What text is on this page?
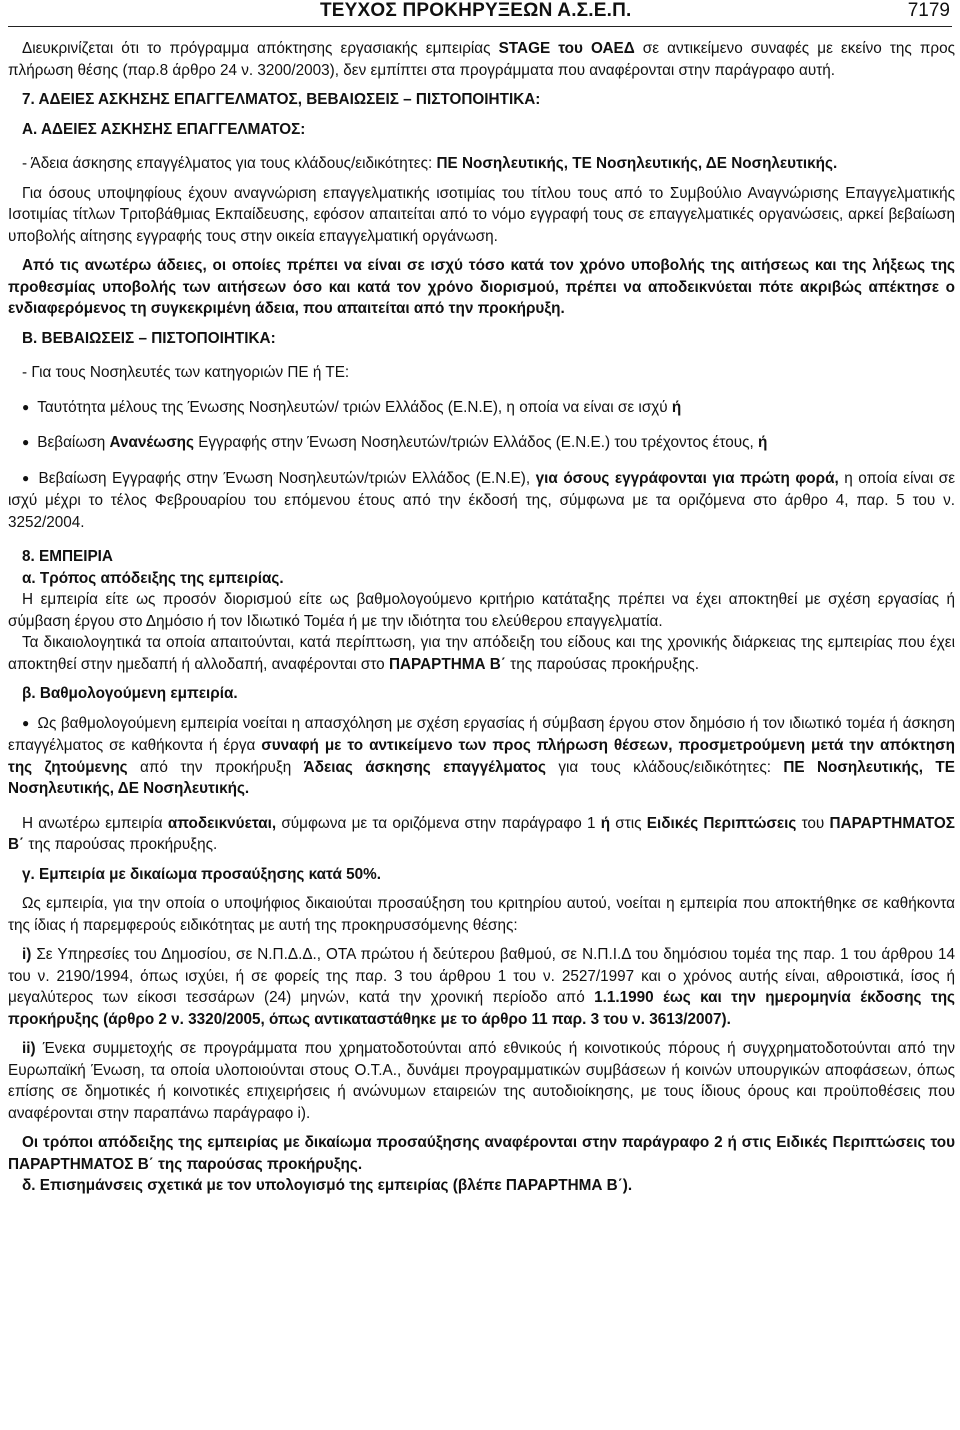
ΤΕΥΧΟΣ ΠΡΟΚΗΡΥΞΕΩΝ Α.Σ.Ε.Π.	7179

Διευκρινίζεται ότι το πρόγραμμα απόκτησης εργασιακής εμπειρίας STAGE του ΟΑΕΔ σε αντικείμενο συναφές με εκείνο της προς πλήρωση θέσης (παρ.8 άρθρο 24 ν. 3200/2003), δεν εμπίπτει στα προγράμματα που αναφέρονται στην παράγραφο αυτή.

7. ΑΔΕΙΕΣ ΑΣΚΗΣΗΣ ΕΠΑΓΓΕΛΜΑΤΟΣ, ΒΕΒΑΙΩΣΕΙΣ – ΠΙΣΤΟΠΟΙΗΤΙΚΑ:

Α. ΑΔΕΙΕΣ ΑΣΚΗΣΗΣ ΕΠΑΓΓΕΛΜΑΤΟΣ:

- Άδεια άσκησης επαγγέλματος για τους κλάδους/ειδικότητες: ΠΕ Νοσηλευτικής, ΤΕ Νοσηλευτικής, ΔΕ Νοσηλευτικής.

Για όσους υποψηφίους έχουν αναγνώριση επαγγελματικής ισοτιμίας του τίτλου τους από το Συμβούλιο Αναγνώρισης Επαγγελματικής Ισοτιμίας τίτλων Τριτοβάθμιας Εκπαίδευσης, εφόσον απαιτείται από το νόμο εγγραφή τους σε επαγγελματικές οργανώσεις, αρκεί βεβαίωση υποβολής αίτησης εγγραφής τους στην οικεία επαγγελματική οργάνωση.

Από τις ανωτέρω άδειες, οι οποίες πρέπει να είναι σε ισχύ τόσο κατά τον χρόνο υποβολής της αιτήσεως και της λήξεως της προθεσμίας υποβολής των αιτήσεων όσο και κατά τον χρόνο διορισμού, πρέπει να αποδεικνύεται πότε ακριβώς απέκτησε ο ενδιαφερόμενος τη συγκεκριμένη άδεια, που απαιτείται από την προκήρυξη.

Β. ΒΕΒΑΙΩΣΕΙΣ – ΠΙΣΤΟΠΟΙΗΤΙΚΑ:

- Για τους Νοσηλευτές των κατηγοριών ΠΕ ή ΤΕ:

● Ταυτότητα μέλους της Ένωσης Νοσηλευτών/ τριών Ελλάδος (Ε.Ν.Ε), η οποία να είναι σε ισχύ ή

● Βεβαίωση Ανανέωσης Εγγραφής στην Ένωση Νοσηλευτών/τριών Ελλάδος (Ε.Ν.Ε.) του τρέχοντος έτους, ή

● Βεβαίωση Εγγραφής στην Ένωση Νοσηλευτών/τριών Ελλάδος (Ε.Ν.Ε), για όσους εγγράφονται για πρώτη φορά, η οποία είναι σε ισχύ μέχρι το τέλος Φεβρουαρίου του επόμενου έτους από την έκδοσή της, σύμφωνα με τα οριζόμενα στο άρθρο 4, παρ. 5 του ν. 3252/2004.

8. ΕΜΠΕΙΡΙΑ

α. Τρόπος απόδειξης της εμπειρίας.

Η εμπειρία είτε ως προσόν διορισμού είτε ως βαθμολογούμενο κριτήριο κατάταξης πρέπει να έχει αποκτηθεί με σχέση εργασίας ή σύμβαση έργου στο Δημόσιο ή τον Ιδιωτικό Τομέα ή με την ιδιότητα του ελεύθερου επαγγελματία.

Τα δικαιολογητικά τα οποία απαιτούνται, κατά περίπτωση, για την απόδειξη του είδους και της χρονικής διάρκειας της εμπειρίας που έχει αποκτηθεί στην ημεδαπή ή αλλοδαπή, αναφέρονται στο ΠΑΡΑΡΤΗΜΑ Β΄ της παρούσας προκήρυξης.

β. Βαθμολογούμενη εμπειρία.

● Ως βαθμολογούμενη εμπειρία νοείται η απασχόληση με σχέση εργασίας ή σύμβαση έργου στον δημόσιο ή τον ιδιωτικό τομέα ή άσκηση επαγγέλματος σε καθήκοντα ή έργα συναφή με το αντικείμενο των προς πλήρωση θέσεων, προσμετρούμενη μετά την απόκτηση της ζητούμενης από την προκήρυξη Άδειας άσκησης επαγγέλματος για τους κλάδους/ειδικότητες: ΠΕ Νοσηλευτικής, ΤΕ Νοσηλευτικής, ΔΕ Νοσηλευτικής.

Η ανωτέρω εμπειρία αποδεικνύεται, σύμφωνα με τα οριζόμενα στην παράγραφο 1 ή στις Ειδικές Περιπτώσεις του ΠΑΡΑΡΤΗΜΑΤΟΣ Β΄ της παρούσας προκήρυξης.

γ. Εμπειρία με δικαίωμα προσαύξησης κατά 50%.

Ως εμπειρία, για την οποία ο υποψήφιος δικαιούται προσαύξηση του κριτηρίου αυτού, νοείται η εμπειρία που αποκτήθηκε σε καθήκοντα της ίδιας ή παρεμφερούς ειδικότητας με αυτή της προκηρυσσόμενης θέσης:

i) Σε Υπηρεσίες του Δημοσίου, σε Ν.Π.Δ.Δ., ΟΤΑ πρώτου ή δεύτερου βαθμού, σε Ν.Π.Ι.Δ του δημόσιου τομέα της παρ. 1 του άρθρου 14 του ν. 2190/1994, όπως ισχύει, ή σε φορείς της παρ. 3 του άρθρου 1 του ν. 2527/1997 και ο χρόνος αυτής είναι, αθροιστικά, ίσος ή μεγαλύτερος των είκοσι τεσσάρων (24) μηνών, κατά την χρονική περίοδο από 1.1.1990 έως και την ημερομηνία έκδοσης της προκήρυξης (άρθρο 2 ν. 3320/2005, όπως αντικαταστάθηκε με το άρθρο 11 παρ. 3 του ν. 3613/2007).

ii) Ένεκα συμμετοχής σε προγράμματα που χρηματοδοτούνται από εθνικούς ή κοινοτικούς πόρους ή συγχρηματοδοτούνται από την Ευρωπαϊκή Ένωση, τα οποία υλοποιούνται στους Ο.Τ.Α., δυνάμει προγραμματικών συμβάσεων ή κοινών υπουργικών αποφάσεων, όπως επίσης σε δημοτικές ή κοινοτικές επιχειρήσεις ή ανώνυμων εταιρειών της αυτοδιοίκησης, με τους ίδιους όρους και προϋποθέσεις που αναφέρονται στην παραπάνω παράγραφο i).

Οι τρόποι απόδειξης της εμπειρίας με δικαίωμα προσαύξησης αναφέρονται στην παράγραφο 2 ή στις Ειδικές Περιπτώσεις του ΠΑΡΑΡΤΗΜΑΤΟΣ Β΄ της παρούσας προκήρυξης.

δ. Επισημάνσεις σχετικά με τον υπολογισμό της εμπειρίας (βλέπε ΠΑΡΑΡΤΗΜΑ Β΄).
